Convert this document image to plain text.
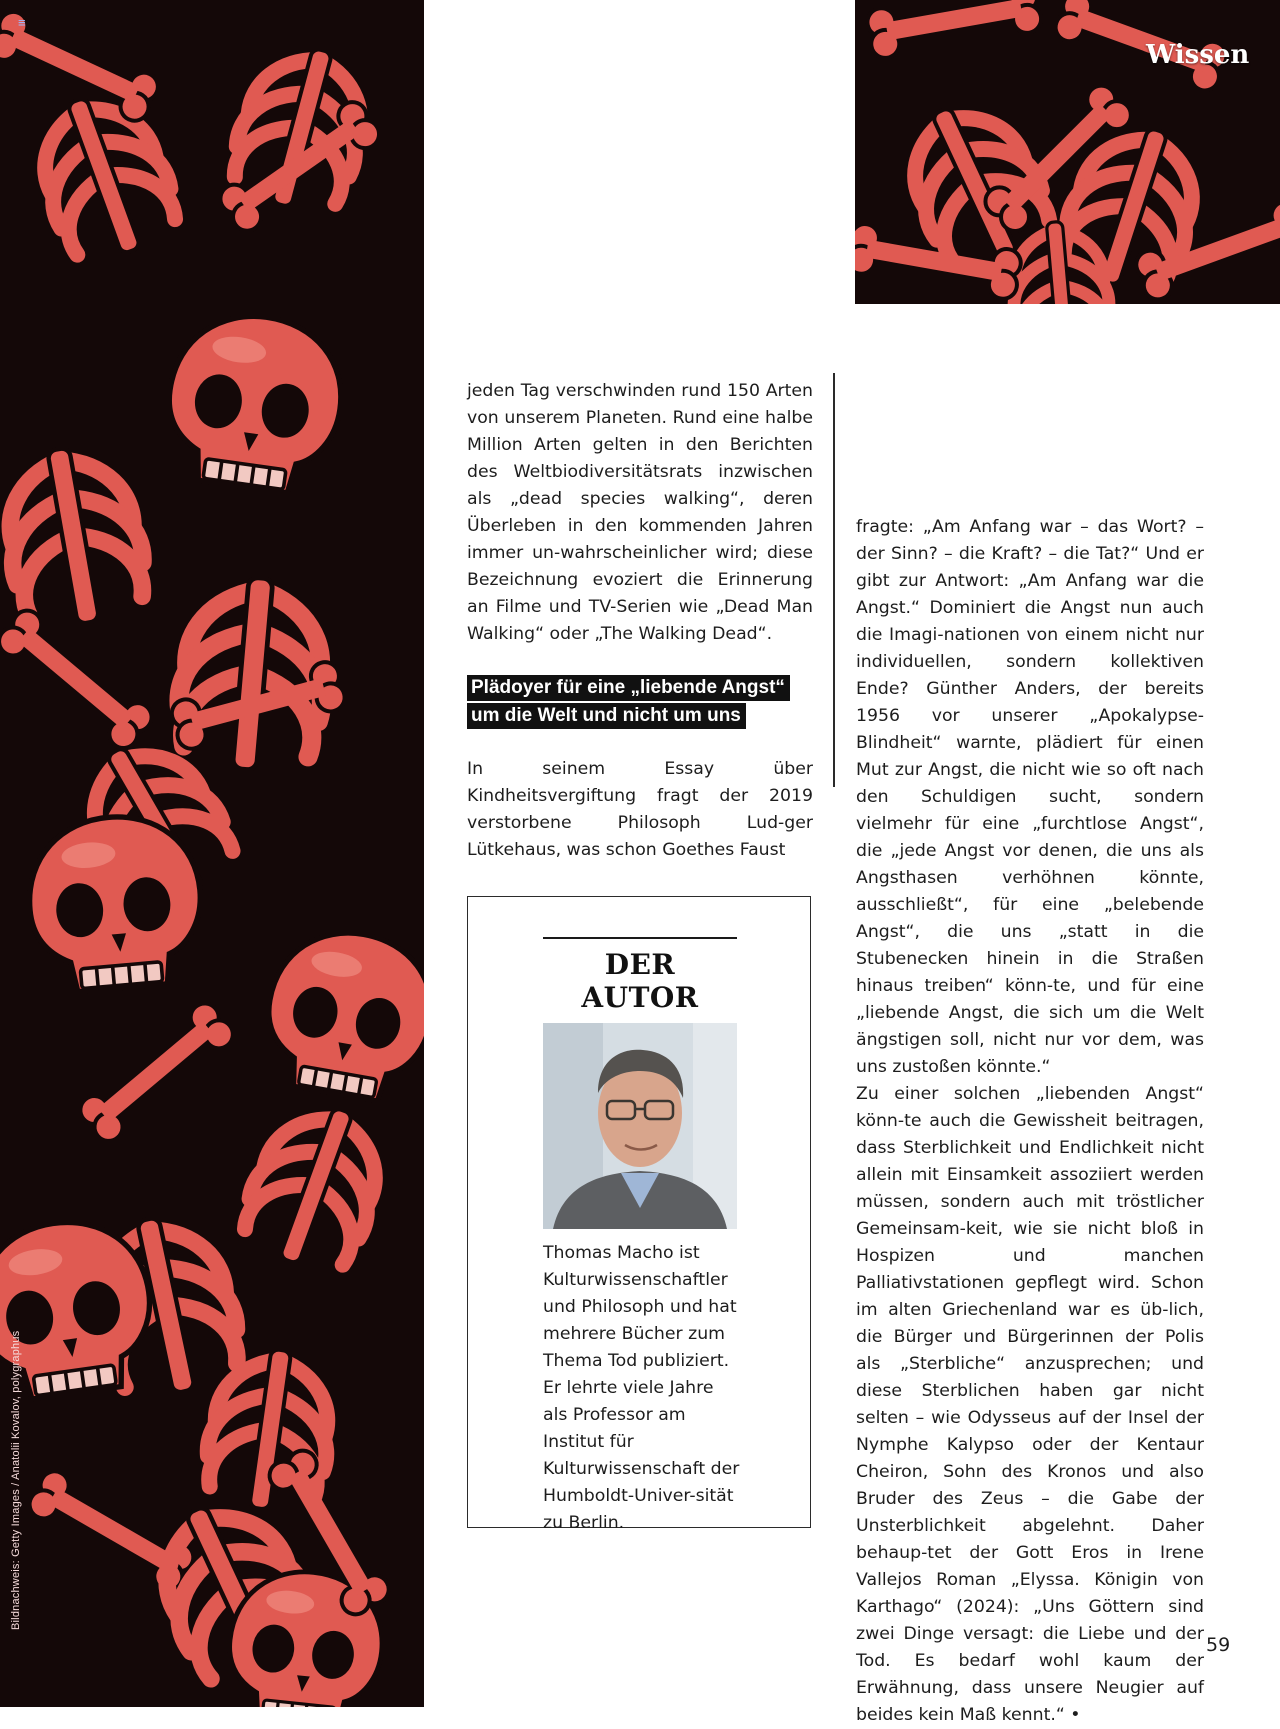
≡
Bildnachweis: Getty Images / Anatolii Kovalov, polygraphus
Wissen

jeden Tag verschwinden rund 150 Arten von unserem Planeten. Rund eine halbe Million Arten gelten in den Berichten des Weltbiodiversitätsrats inzwischen als „dead species walking“, deren Überleben in den kommenden Jahren immer un-wahrscheinlicher wird; diese Bezeichnung evoziert die Erinnerung an Filme und TV-Serien wie „Dead Man Walking“ oder „The Walking Dead“.

Plädoyer für eine „liebende Angst“ um die Welt und nicht um uns

In seinem Essay über Kindheitsvergiftung fragt der 2019 verstorbene Philosoph Lud-ger Lütkehaus, was schon Goethes Faust

DER AUTOR

Thomas Macho ist Kulturwissenschaftler und Philosoph und hat mehrere Bücher zum Thema Tod publiziert. Er lehrte viele Jahre als Professor am Institut für Kulturwissenschaft der Humboldt-Univer-sität zu Berlin.

fragte: „Am Anfang war – das Wort? – der Sinn? – die Kraft? – die Tat?“ Und er gibt zur Antwort: „Am Anfang war die Angst.“ Dominiert die Angst nun auch die Imagi-nationen von einem nicht nur individuellen, sondern kollektiven Ende? Günther Anders, der bereits 1956 vor unserer „Apokalypse-Blindheit“ warnte, plädiert für einen Mut zur Angst, die nicht wie so oft nach den Schuldigen sucht, sondern vielmehr für eine „furchtlose Angst“, die „jede Angst vor denen, die uns als Angsthasen verhöhnen könnte, ausschließt“, für eine „belebende Angst“, die uns „statt in die Stubenecken hinein in die Straßen hinaus treiben“ könn-te, und für eine „liebende Angst, die sich um die Welt ängstigen soll, nicht nur vor dem, was uns zustoßen könnte.“

Zu einer solchen „liebenden Angst“ könn-te auch die Gewissheit beitragen, dass Sterblichkeit und Endlichkeit nicht allein mit Einsamkeit assoziiert werden müssen, sondern auch mit tröstlicher Gemeinsam-keit, wie sie nicht bloß in Hospizen und manchen Palliativstationen gepflegt wird. Schon im alten Griechenland war es üb-lich, die Bürger und Bürgerinnen der Polis als „Sterbliche“ anzusprechen; und diese Sterblichen haben gar nicht selten – wie Odysseus auf der Insel der Nymphe Kalypso oder der Kentaur Cheiron, Sohn des Kronos und also Bruder des Zeus – die Gabe der Unsterblichkeit abgelehnt. Daher behaup-tet der Gott Eros in Irene Vallejos Roman „Elyssa. Königin von Karthago“ (2024): „Uns Göttern sind zwei Dinge versagt: die Liebe und der Tod. Es bedarf wohl kaum der Erwähnung, dass unsere Neugier auf beides kein Maß kennt.“ •

59
